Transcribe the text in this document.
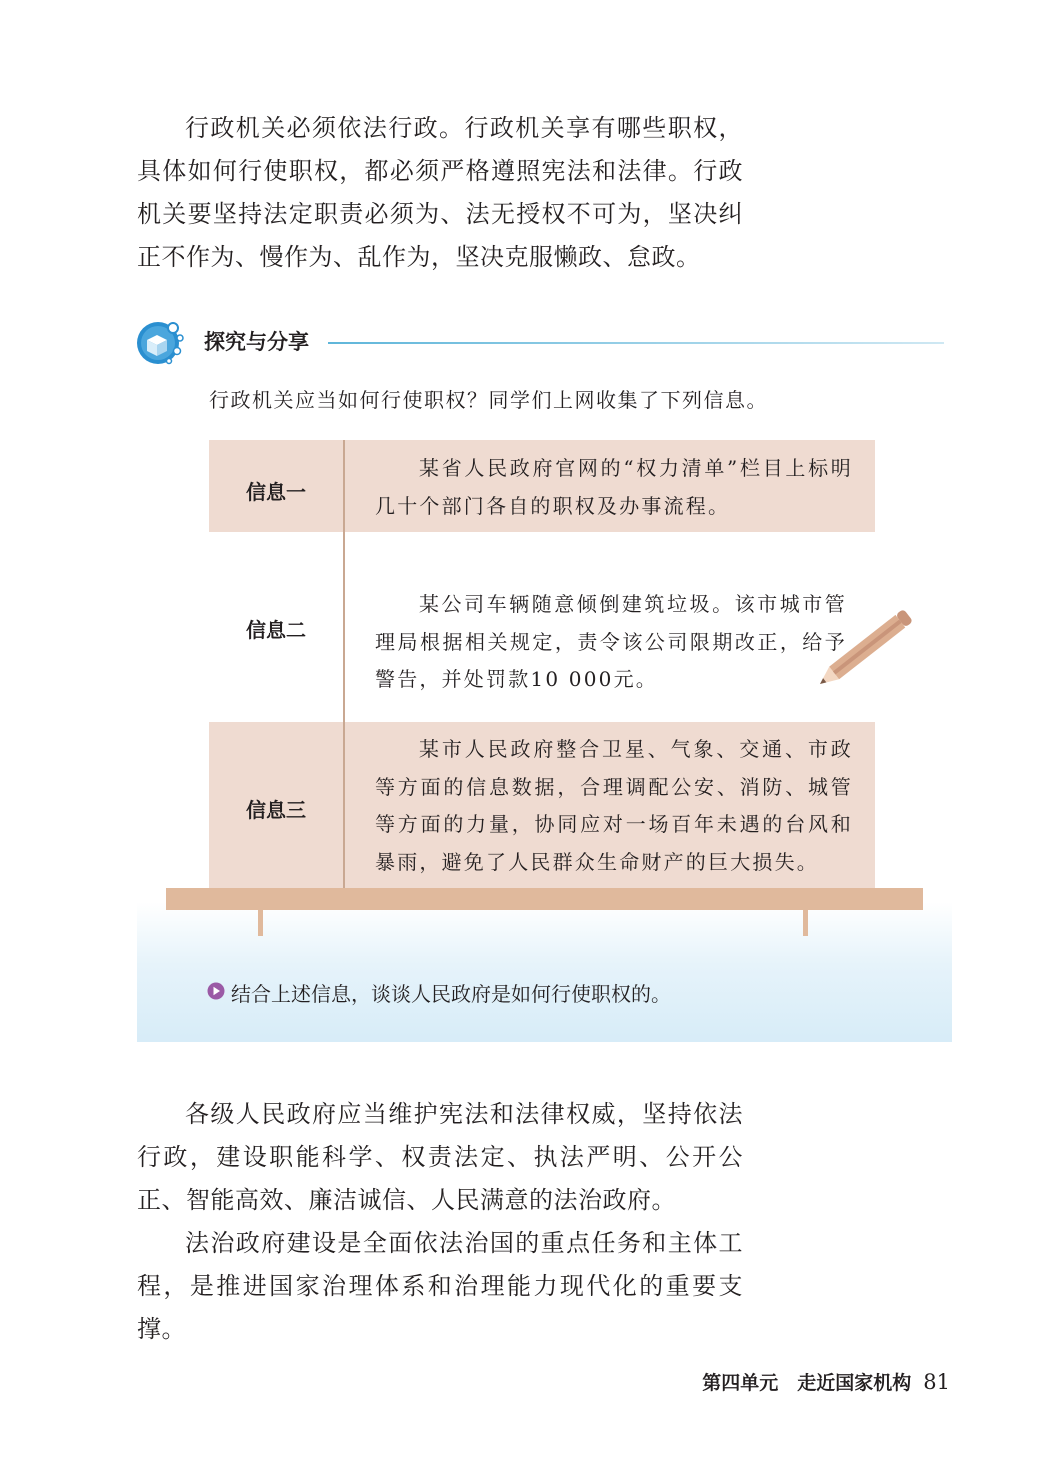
行政机关必须依法行政。行政机关享有哪些职权，具体如何行使职权，都必须严格遵照宪法和法律。行政机关要坚持法定职责必须为、法无授权不可为，坚决纠正不作为、慢作为、乱作为，坚决克服懒政、怠政。

探究与分享
行政机关应当如何行使职权？同学们上网收集了下列信息。
信息一

某省人民政府官网的“权力清单”栏目上标明几十个部门各自的职权及办事流程。

信息二

某公司车辆随意倾倒建筑垃圾。该市城市管理局根据相关规定，责令该公司限期改正，给予警告，并处罚款10 000元。

信息三

某市人民政府整合卫星、气象、交通、市政等方面的信息数据，合理调配公安、消防、城管等方面的力量，协同应对一场百年未遇的台风和暴雨，避免了人民群众生命财产的巨大损失。

结合上述信息，谈谈人民政府是如何行使职权的。

各级人民政府应当维护宪法和法律权威，坚持依法行政，建设职能科学、权责法定、执法严明、公开公正、智能高效、廉洁诚信、人民满意的法治政府。

法治政府建设是全面依法治国的重点任务和主体工程，是推进国家治理体系和治理能力现代化的重要支撑。

第四单元　走近国家机构 81
